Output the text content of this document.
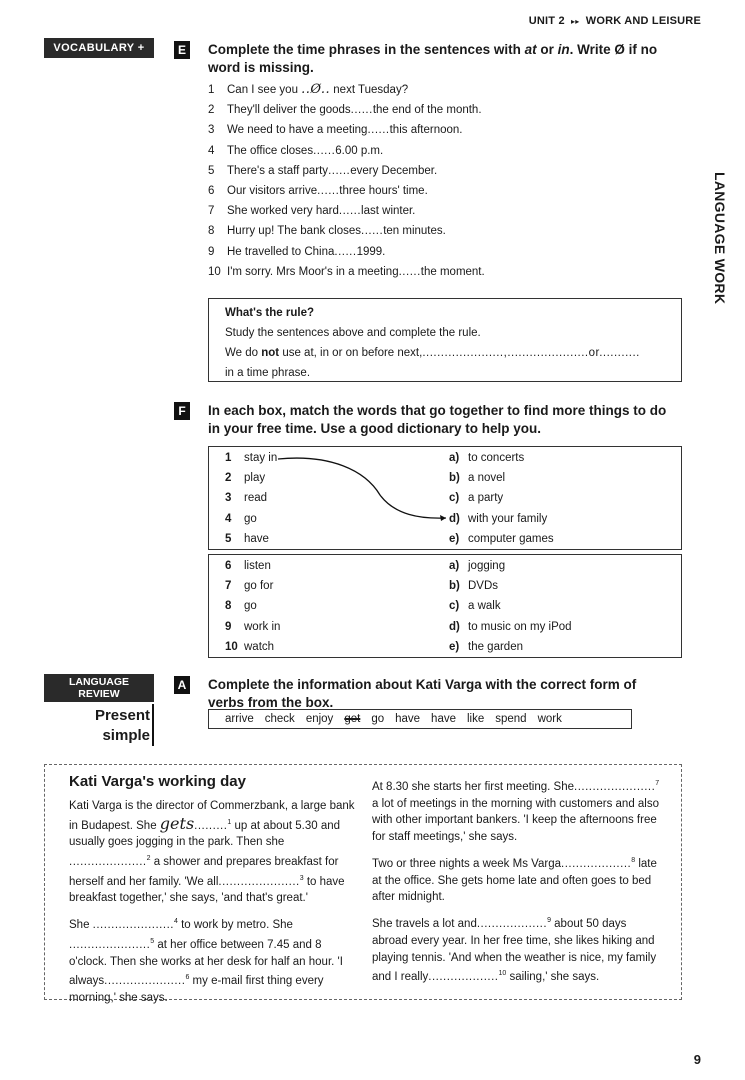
UNIT 2 ▸▸ WORK AND LEISURE
LANGUAGE WORK
VOCABULARY +	E Complete the time phrases in the sentences with at or in. Write Ø if no word is missing.
1 Can I see you ..Ø.. next Tuesday?
2 They'll deliver the goods......the end of the month.
3 We need to have a meeting......this afternoon.
4 The office closes......6.00 p.m.
5 There's a staff party......every December.
6 Our visitors arrive......three hours' time.
7 She worked very hard......last winter.
8 Hurry up! The bank closes......ten minutes.
9 He travelled to China......1999.
10 I'm sorry. Mrs Moor's in a meeting......the moment.
What's the rule?
Study the sentences above and complete the rule.
We do not use at, in or on before next,......................,......................or...........
in a time phrase.
F	In each box, match the words that go together to find more things to do in your free time. Use a good dictionary to help you.
1 stay in	a) to concerts
2 play	b) a novel
3 read	c) a party
4 go	d) with your family
5 have	e) computer games
6 listen	a) jogging
7 go for	b) DVDs
8 go	c) a walk
9 work in	d) to music on my iPod
10 watch	e) the garden
LANGUAGE
REVIEW
Present
simple
A Complete the information about Kati Varga with the correct form of verbs from the box.
arrive check enjoy get go have have like spend work

Kati Varga's working day

Kati Varga is the director of Commerzbank, a large bank in Budapest. She gets.........$^1$ up at about 5.30 and usually goes jogging in the park. Then she
.....................$^2$ a shower and prepares breakfast for herself and her family. 'We all......................$^3$ to have breakfast together,' she says, 'and that's great.'

She ......................$^4$ to work by metro. She
......................$^5$ at her office between 7.45 and 8 o'clock. Then she works at her desk for half an hour. 'I always......................$^6$ my e-mail first thing every morning,' she says.

At 8.30 she starts her first meeting. She......................$^7$ a lot of meetings in the morning with customers and also with other important bankers. 'I keep the afternoons free for staff meetings,' she says.

Two or three nights a week Ms Varga...................$^8$ late at the office. She gets home late and often goes to bed after midnight.

She travels a lot and...................$^9$ about 50 days abroad every year. In her free time, she likes hiking and playing tennis. 'And when the weather is nice, my family and I really...................$^{10}$ sailing,' she says.

9
